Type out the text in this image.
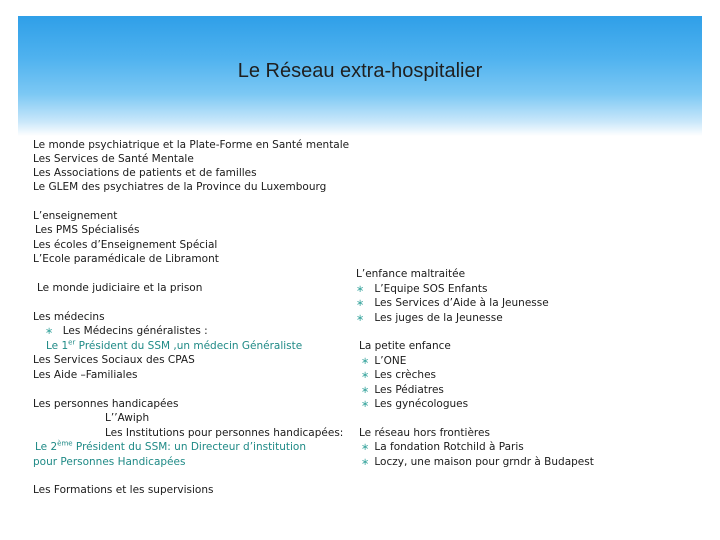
Le Réseau extra-hospitalier
Le monde psychiatrique et la Plate-Forme en Santé mentale
Les Services de Santé Mentale
Les Associations de patients et de familles
Le GLEM des psychiatres de la Province du Luxembourg
L’enseignement
Les PMS Spécialisés
Les écoles d’Enseignement Spécial
L’Ecole paramédicale de Libramont
Le monde judiciaire et la prison
Les médecins
∗ Les Médecins généralistes :
Le 1er Président du SSM ,un médecin Généraliste
Les Services Sociaux des CPAS
Les Aide –Familiales
Les personnes handicapées
L’’Awiph
Les Institutions pour personnes handicapées:
Le 2ème Président du SSM: un Directeur d’institution
pour Personnes Handicapées
Les Formations et les supervisions
L’enfance maltraitée
∗ L’Equipe SOS Enfants
∗ Les Services d’Aide à la Jeunesse
∗ Les juges de la Jeunesse
La petite enfance
∗ L’ONE
∗ Les crèches
∗ Les Pédiatres
∗ Les gynécologues
Le réseau hors frontières
∗ La fondation Rotchild à Paris
∗ Loczy, une maison pour grndr à Budapest
